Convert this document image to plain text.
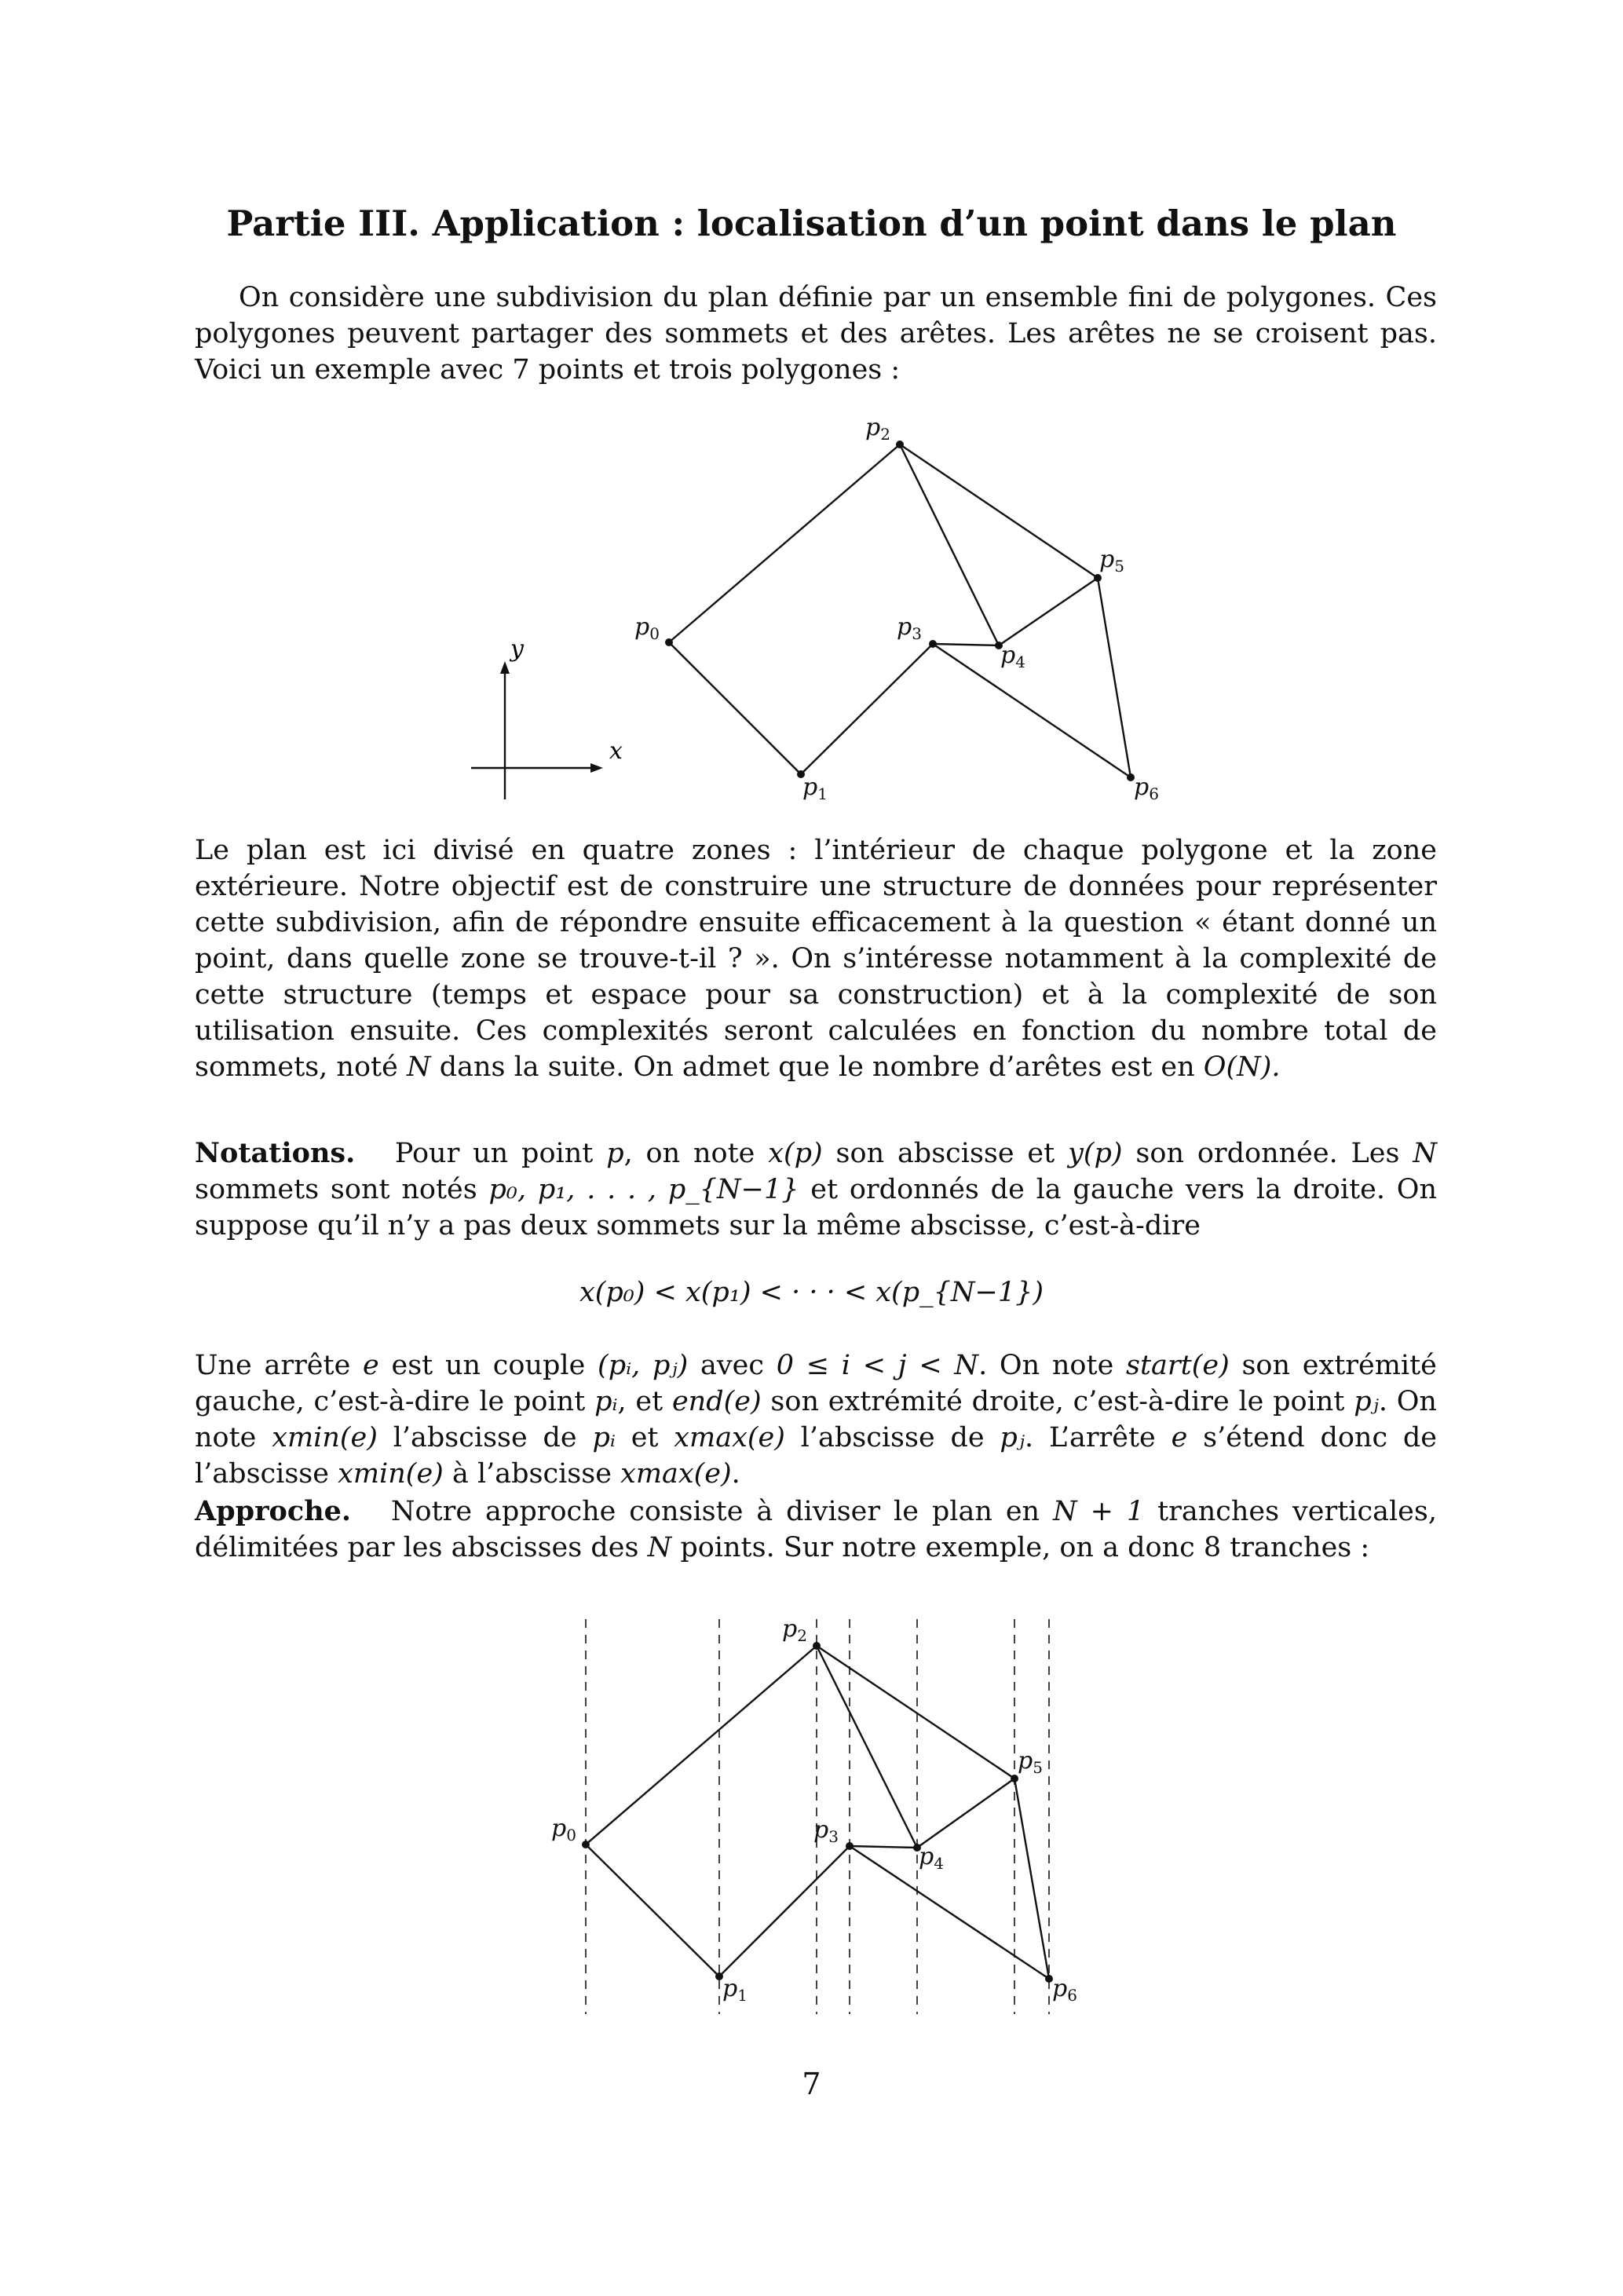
Partie III. Application : localisation d’un point dans le plan
On considère une subdivision du plan définie par un ensemble fini de polygones. Ces polygones peuvent partager des sommets et des arêtes. Les arêtes ne se croisent pas. Voici un exemple avec 7 points et trois polygones :
y
x
$p_0$
$p_1$
$p_2$
$p_3$
$p_4$
$p_5$
$p_6$
Le plan est ici divisé en quatre zones : l’intérieur de chaque polygone et la zone extérieure. Notre objectif est de construire une structure de données pour représenter cette subdivision, afin de répondre ensuite efficacement à la question « étant donné un point, dans quelle zone se trouve-t-il ? ». On s’intéresse notamment à la complexité de cette structure (temps et espace pour sa construction) et à la complexité de son utilisation ensuite. Ces complexités seront calculées en fonction du nombre total de sommets, noté N dans la suite. On admet que le nombre d’arêtes est en O(N).
Notations. Pour un point p, on note x(p) son abscisse et y(p) son ordonnée. Les N sommets sont notés p₀, p₁, . . . , p_{N−1} et ordonnés de la gauche vers la droite. On suppose qu’il n’y a pas deux sommets sur la même abscisse, c’est-à-dire
x(p₀) < x(p₁) < · · · < x(p_{N−1})
Une arrête e est un couple (pᵢ, pⱼ) avec 0 ≤ i < j < N. On note start(e) son extrémité gauche, c’est-à-dire le point pᵢ, et end(e) son extrémité droite, c’est-à-dire le point pⱼ. On note xmin(e) l’abscisse de pᵢ et xmax(e) l’abscisse de pⱼ. L’arrête e s’étend donc de l’abscisse xmin(e) à l’abscisse xmax(e).
Approche. Notre approche consiste à diviser le plan en N + 1 tranches verticales, délimitées par les abscisses des N points. Sur notre exemple, on a donc 8 tranches :
$p_0$
$p_1$
$p_2$
$p_3$
$p_4$
$p_5$
$p_6$
7
